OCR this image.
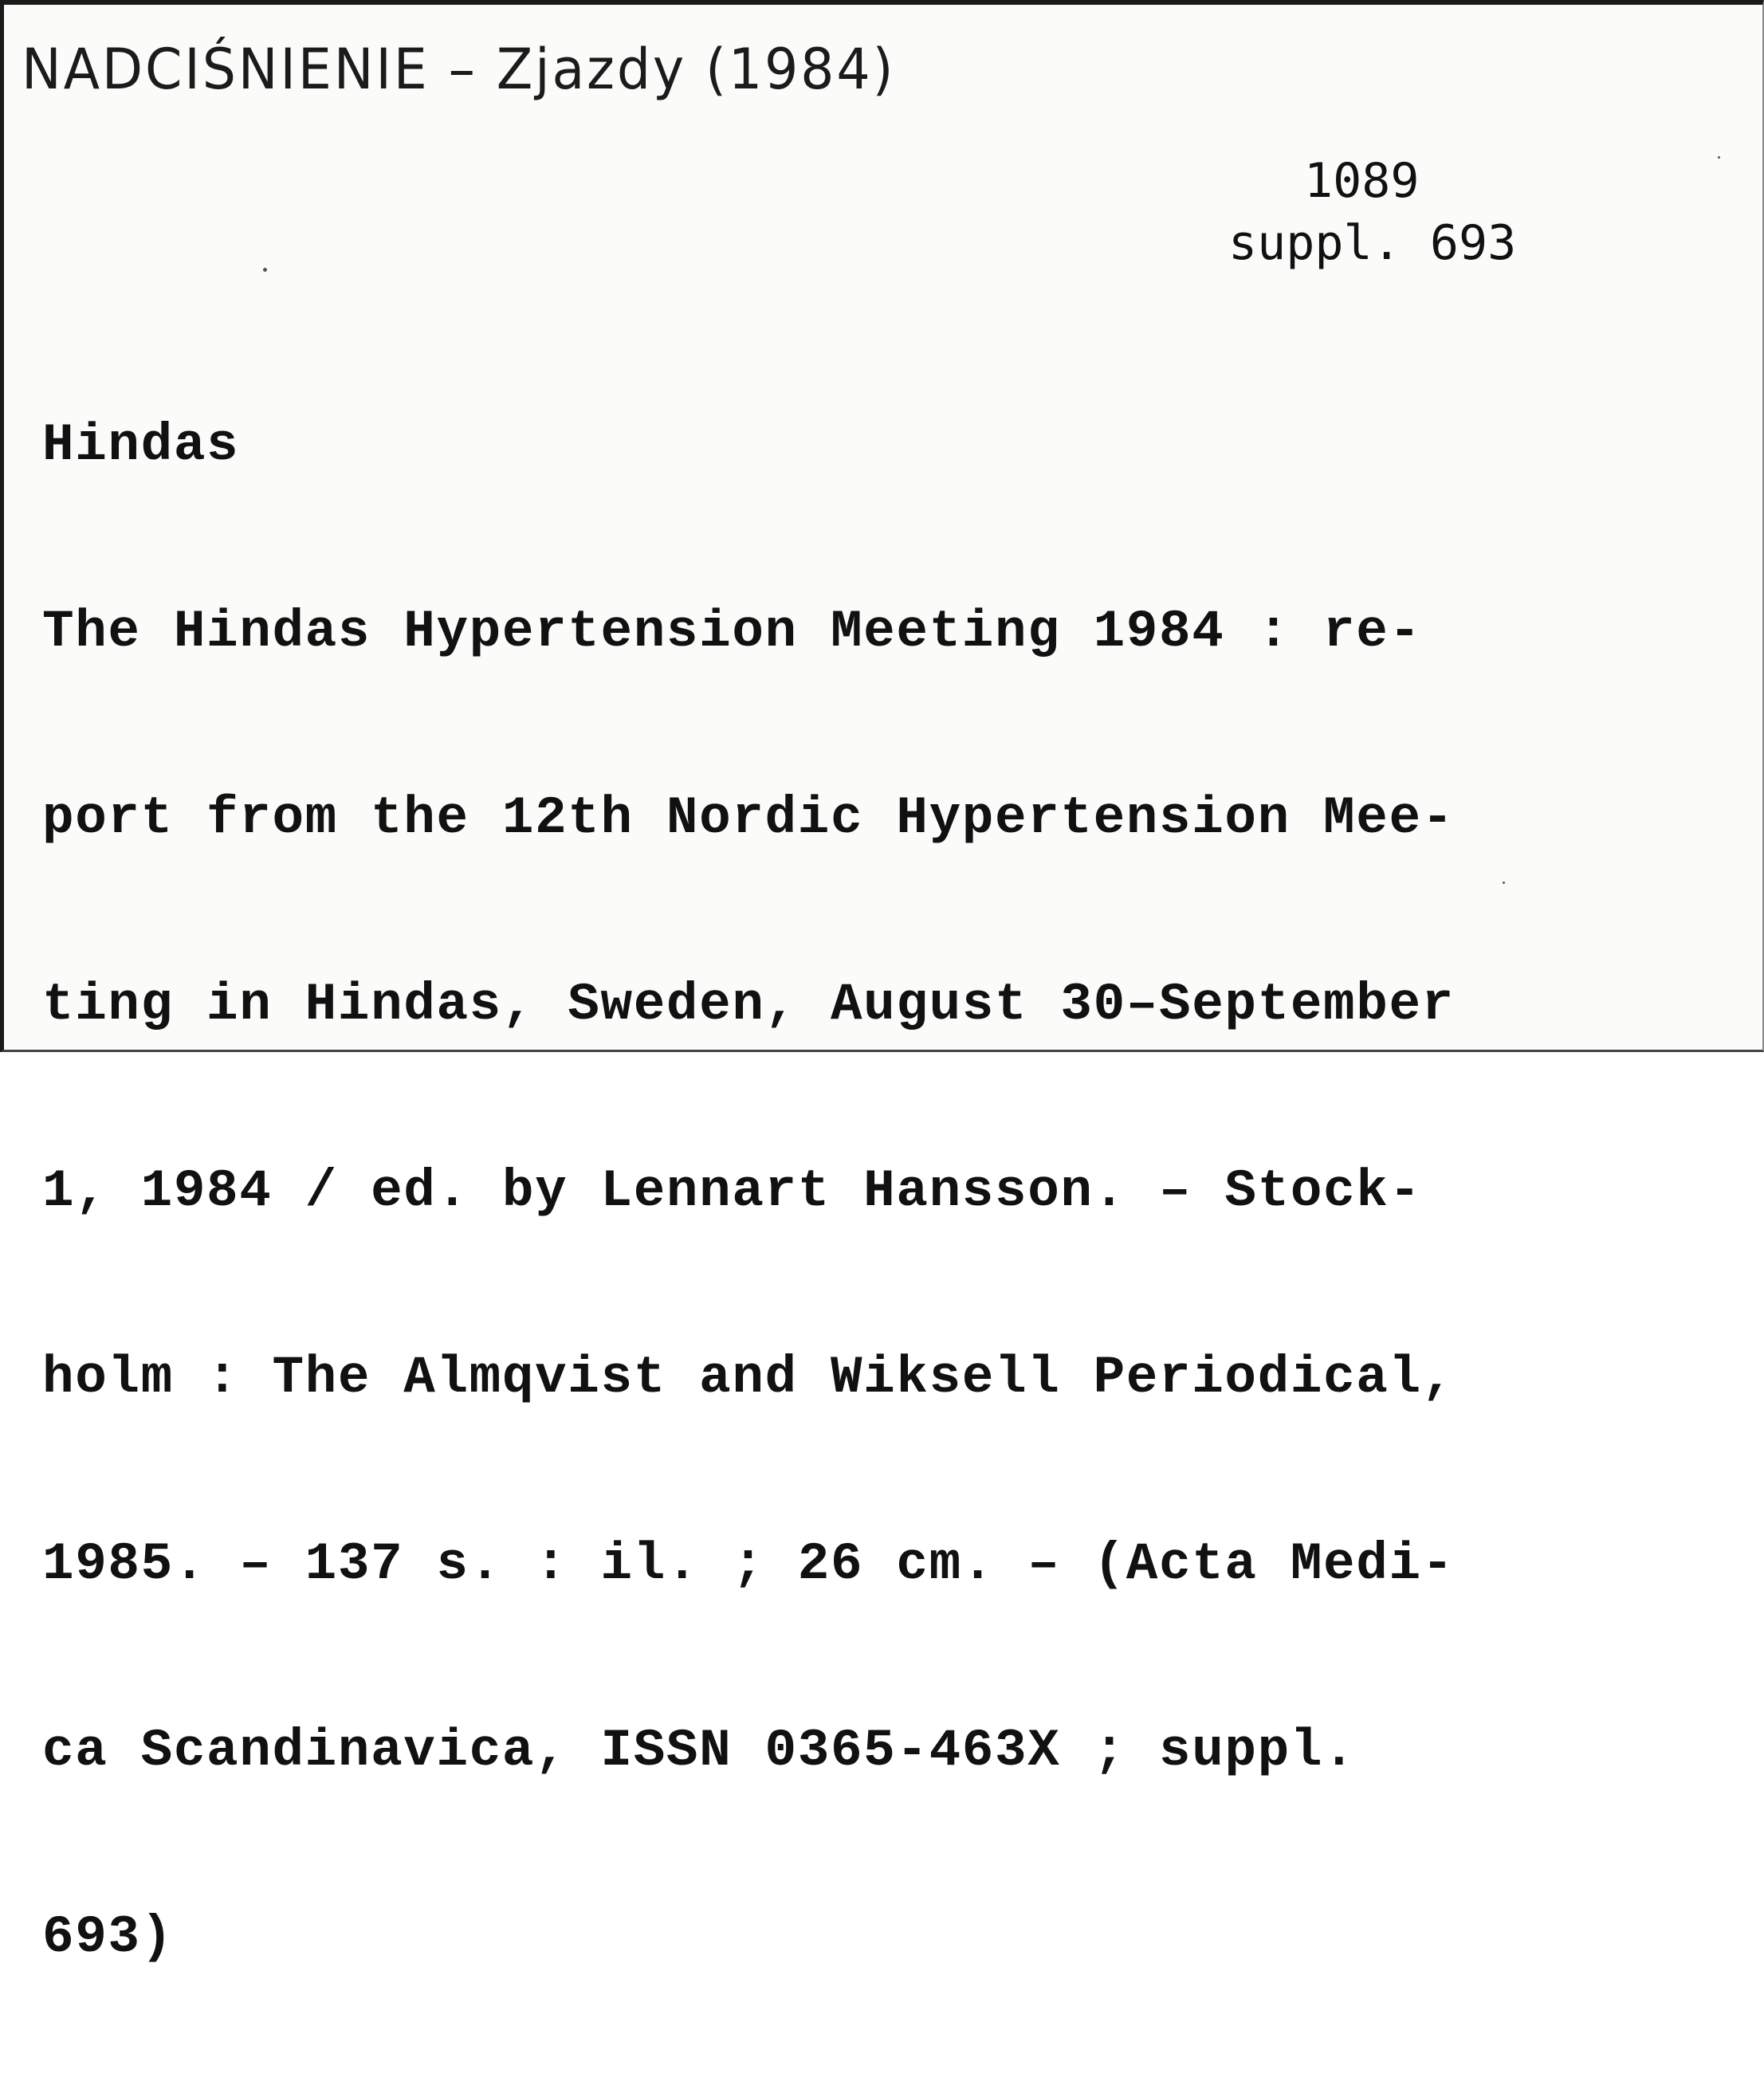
NADCIŚNIENIE – Zjazdy (1984)
1089
suppl. 693

Hindas

The Hindas Hypertension Meeting 1984 : re-

port from the 12th Nordic Hypertension Mee-

ting in Hindas, Sweden, August 30–September

1, 1984 / ed. by Lennart Hansson. – Stock-

holm : The Almqvist and Wiksell Periodical,

1985. – 137 s. : il. ; 26 cm. – (Acta Medi-

ca Scandinavica, ISSN 0365-463X ; suppl.

693)
